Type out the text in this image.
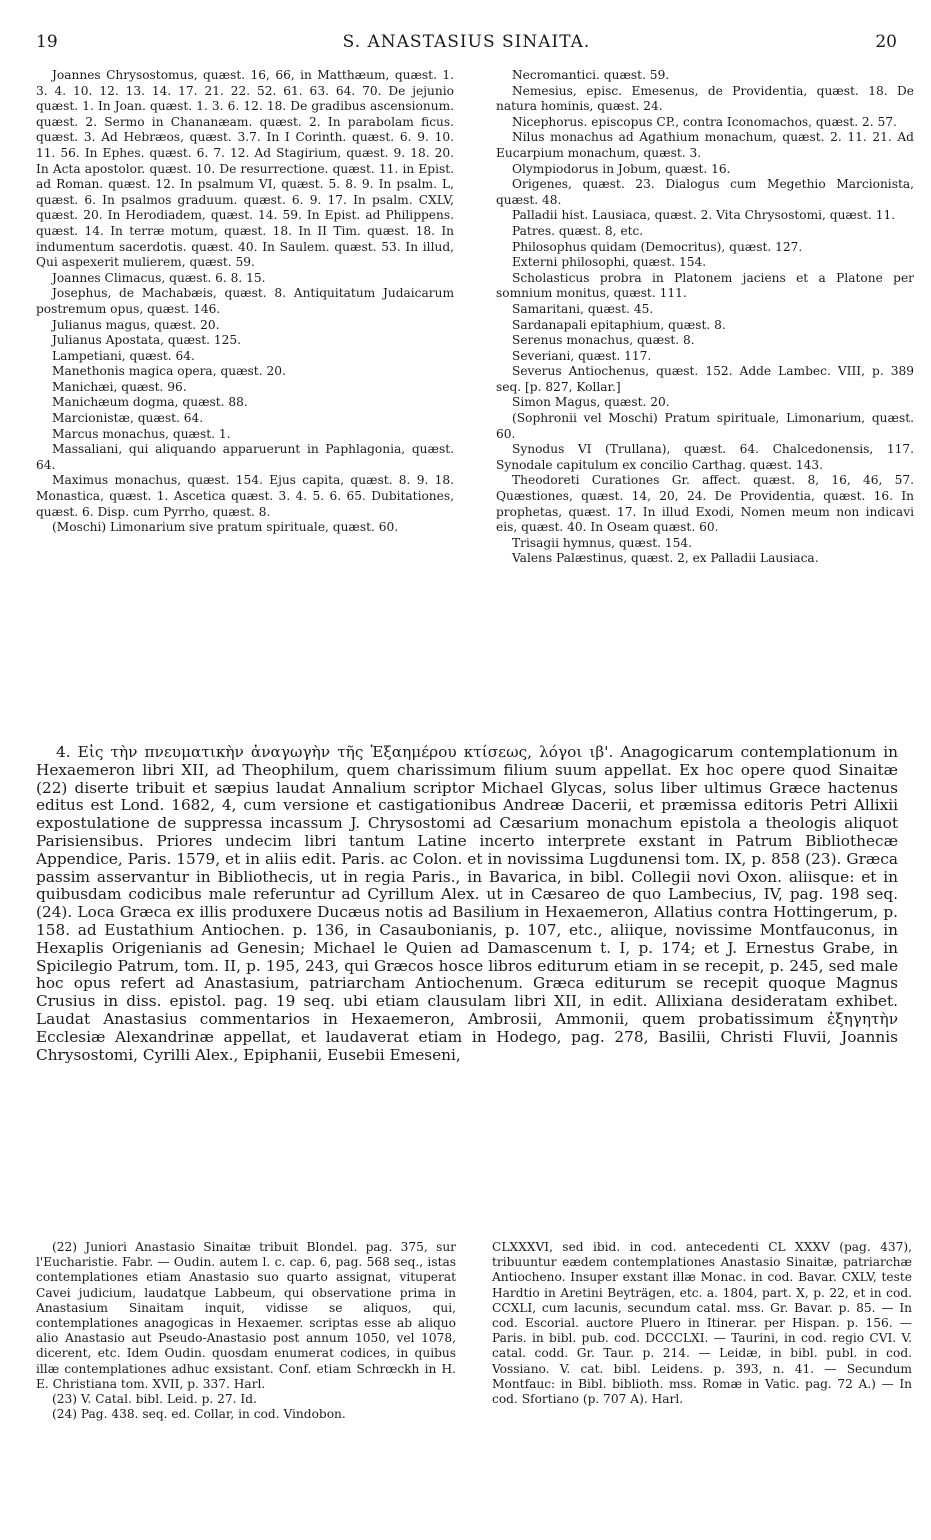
19	S. ANASTASIUS SINAITA.	20

Joannes Chrysostomus, quæst. 16, 66, in Matthæum, quæst. 1. 3. 4. 10. 12. 13. 14. 17. 21. 22. 52. 61. 63. 64. 70. De jejunio quæst. 1. In Joan. quæst. 1. 3. 6. 12. 18. De gradibus ascensionum. quæst. 2. Sermo in Chananæam. quæst. 2. In parabolam ficus. quæst. 3. Ad Hebræos, quæst. 3.7. In I Corinth. quæst. 6. 9. 10. 11. 56. In Ephes. quæst. 6. 7. 12. Ad Stagirium, quæst. 9. 18. 20. In Acta apostolor. quæst. 10. De resurrectione. quæst. 11. in Epist. ad Roman. quæst. 12. In psalmum VI, quæst. 5. 8. 9. In psalm. L, quæst. 6. In psalmos graduum. quæst. 6. 9. 17. In psalm. CXLV, quæst. 20. In Herodiadem, quæst. 14. 59. In Epist. ad Philippens. quæst. 14. In terræ motum, quæst. 18. In II Tim. quæst. 18. In indumentum sacerdotis. quæst. 40. In Saulem. quæst. 53. In illud, Qui aspexerit mulierem, quæst. 59.

Joannes Climacus, quæst. 6. 8. 15.

Josephus, de Machabæis, quæst. 8. Antiquitatum Judaicarum postremum opus, quæst. 146.

Julianus magus, quæst. 20.

Julianus Apostata, quæst. 125.

Lampetiani, quæst. 64.

Manethonis magica opera, quæst. 20.

Manichæi, quæst. 96.

Manichæum dogma, quæst. 88.

Marcionistæ, quæst. 64.

Marcus monachus, quæst. 1.

Massaliani, qui aliquando apparuerunt in Paphlagonia, quæst. 64.

Maximus monachus, quæst. 154. Ejus capita, quæst. 8. 9. 18. Monastica, quæst. 1. Ascetica quæst. 3. 4. 5. 6. 65. Dubitationes, quæst. 6. Disp. cum Pyrrho, quæst. 8.

(Moschi) Limonarium sive pratum spirituale, quæst. 60.

Necromantici. quæst. 59.

Nemesius, episc. Emesenus, de Providentia, quæst. 18. De natura hominis, quæst. 24.

Nicephorus. episcopus CP., contra Iconomachos, quæst. 2. 57.

Nilus monachus ad Agathium monachum, quæst. 2. 11. 21. Ad Eucarpium monachum, quæst. 3.

Olympiodorus in Jobum, quæst. 16.

Origenes, quæst. 23. Dialogus cum Megethio Marcionista, quæst. 48.

Palladii hist. Lausiaca, quæst. 2. Vita Chrysostomi, quæst. 11.

Patres. quæst. 8, etc.

Philosophus quidam (Democritus), quæst. 127.

Externi philosophi, quæst. 154.

Scholasticus probra in Platonem jaciens et a Platone per somnium monitus, quæst. 111.

Samaritani, quæst. 45.

Sardanapali epitaphium, quæst. 8.

Serenus monachus, quæst. 8.

Severiani, quæst. 117.

Severus Antiochenus, quæst. 152. Adde Lambec. VIII, p. 389 seq. [p. 827, Kollar.]

Simon Magus, quæst. 20.

(Sophronii vel Moschi) Pratum spirituale, Limonarium, quæst. 60.

Synodus VI (Trullana), quæst. 64. Chalcedonensis, 117. Synodale capitulum ex concilio Carthag. quæst. 143.

Theodoreti Curationes Gr. affect. quæst. 8, 16, 46, 57. Quæstiones, quæst. 14, 20, 24. De Providentia, quæst. 16. In prophetas, quæst. 17. In illud Exodi, Nomen meum non indicavi eis, quæst. 40. In Oseam quæst. 60.

Trisagii hymnus, quæst. 154.

Valens Palæstinus, quæst. 2, ex Palladii Lausiaca.

4. Εἰς τὴν πνευματικὴν ἀναγωγὴν τῆς Ἑξαημέρου κτίσεως, λόγοι ιβ'. Anagogicarum contemplationum in Hexaemeron libri XII, ad Theophilum, quem charissimum filium suum appellat. Ex hoc opere quod Sinaitæ (22) diserte tribuit et sæpius laudat Annalium scriptor Michael Glycas, solus liber ultimus Græce hactenus editus est Lond. 1682, 4, cum versione et castigationibus Andreæ Dacerii, et præmissa editoris Petri Allixii expostulatione de suppressa incassum J. Chrysostomi ad Cæsarium monachum epistola a theologis aliquot Parisiensibus. Priores undecim libri tantum Latine incerto interprete exstant in Patrum Bibliothecæ Appendice, Paris. 1579, et in aliis edit. Paris. ac Colon. et in novissima Lugdunensi tom. IX, p. 858 (23). Græca passim asservantur in Bibliothecis, ut in regia Paris., in Bavarica, in bibl. Collegii novi Oxon. aliisque: et in quibusdam codicibus male referuntur ad Cyrillum Alex. ut in Cæsareo de quo Lambecius, IV, pag. 198 seq. (24). Loca Græca ex illis produxere Ducæus notis ad Basilium in Hexaemeron, Allatius contra Hottingerum, p. 158. ad Eustathium Antiochen. p. 136, in Casaubonianis, p. 107, etc., aliique, novissime Montfauconus, in Hexaplis Origenianis ad Genesin; Michael le Quien ad Damascenum t. I, p. 174; et J. Ernestus Grabe, in Spicilegio Patrum, tom. II, p. 195, 243, qui Græcos hosce libros editurum etiam in se recepit, p. 245, sed male hoc opus refert ad Anastasium, patriarcham Antiochenum. Græca editurum se recepit quoque Magnus Crusius in diss. epistol. pag. 19 seq. ubi etiam clausulam libri XII, in edit. Allixiana desideratam exhibet. Laudat Anastasius commentarios in Hexaemeron, Ambrosii, Ammonii, quem probatissimum ἐξηγητὴν Ecclesiæ Alexandrinæ appellat, et laudaverat etiam in Hodego, pag. 278, Basilii, Christi Fluvii, Joannis Chrysostomi, Cyrilli Alex., Epiphanii, Eusebii Emeseni,

(22) Juniori Anastasio Sinaitæ tribuit Blondel. pag. 375, sur l'Eucharistie. Fabr. — Oudin. autem l. c. cap. 6, pag. 568 seq., istas contemplationes etiam Anastasio suo quarto assignat, vituperat Cavei judicium, laudatque Labbeum, qui observatione prima in Anastasium Sinaitam inquit, vidisse se aliquos, qui, contemplationes anagogicas in Hexaemer. scriptas esse ab aliquo alio Anastasio aut Pseudo-Anastasio post annum 1050, vel 1078, dicerent, etc. Idem Oudin. quosdam enumerat codices, in quibus illæ contemplationes adhuc exsistant. Conf. etiam Schrœckh in H. E. Christiana tom. XVII, p. 337. Harl.

(23) V. Catal. bibl. Leid. p. 27. Id.

(24) Pag. 438. seq. ed. Collar, in cod. Vindobon.

CLXXXVI, sed ibid. in cod. antecedenti CL XXXV (pag. 437), tribuuntur eædem contemplationes Anastasio Sinaitæ, patriarchæ Antiocheno. Insuper exstant illæ Monac. in cod. Bavar. CXLV, teste Hardtio in Aretini Beyträgen, etc. a. 1804, part. X, p. 22, et in cod. CCXLI, cum lacunis, secundum catal. mss. Gr. Bavar. p. 85. — In cod. Escorial. auctore Pluero in Itinerar. per Hispan. p. 156. — Paris. in bibl. pub. cod. DCCCLXI. — Taurini, in cod. regio CVI. V. catal. codd. Gr. Taur. p. 214. — Leidæ, in bibl. publ. in cod. Vossiano. V. cat. bibl. Leidens. p. 393, n. 41. — Secundum Montfauc: in Bibl. biblioth. mss. Romæ in Vatic. pag. 72 A.) — In cod. Sfortiano (p. 707 A). Harl.
